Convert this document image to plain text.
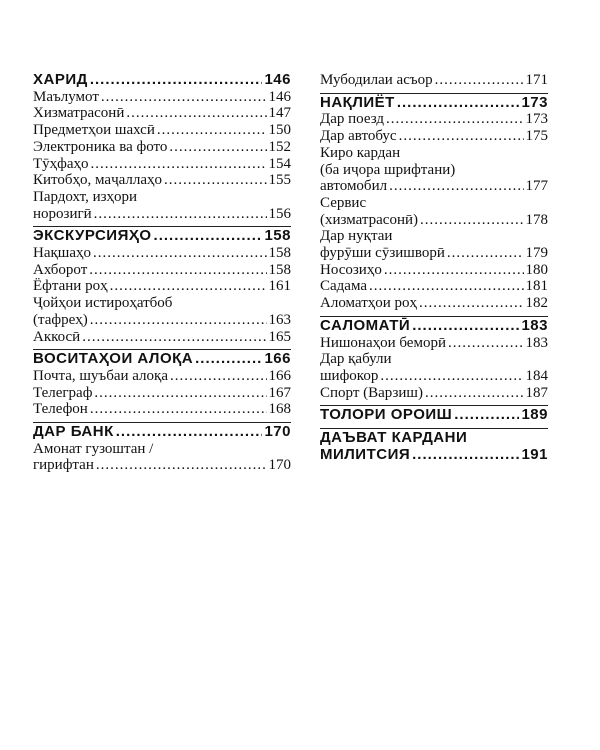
ХАРИД .....	146
Маълумот .....	146
Хизматрасонӣ .....	147
Предметҳои шахсӣ .....	150
Электроника ва фото .....	152
Тӯҳфаҳо .....	154
Китобҳо, маҷаллаҳо .....	155
Пардохт, изҳори
норозигӣ .....	156
ЭКСКУРСИЯҲО .....	158
Нақшаҳо .....	158
Ахборот .....	158
Ёфтани роҳ .....	161
Ҷойҳои истироҳатбоб
(тафреҳ) .....	163
Аккосӣ .....	165
ВОСИТАҲОИ АЛОҚА .....	166
Почта, шуъбаи алоқа .....	166
Телеграф .....	167
Телефон .....	168
ДАР БАНК .....	170
Амонат гузоштан /
гирифтан .....	170
Мубодилаи асъор .....	171
НАҚЛИЁТ .....	173
Дар поезд .....	173
Дар автобус .....	175
Киро кардан
(ба иҷора шрифтани)
автомобил .....	177
Сервис
(хизматрасонӣ) .....	178
Дар нуқтаи
фурӯши сӯзишворӣ .....	179
Носозиҳо .....	180
Садама .....	181
Аломатҳои роҳ .....	182
САЛОМАТӢ .....	183
Нишонаҳои беморӣ .....	183
Дар қабули
шифокор .....	184
Спорт (Варзиш) .....	187
ТОЛОРИ ОРОИШ .....	189
ДАЪВАТ КАРДАНИ
МИЛИТСИЯ .....	191
